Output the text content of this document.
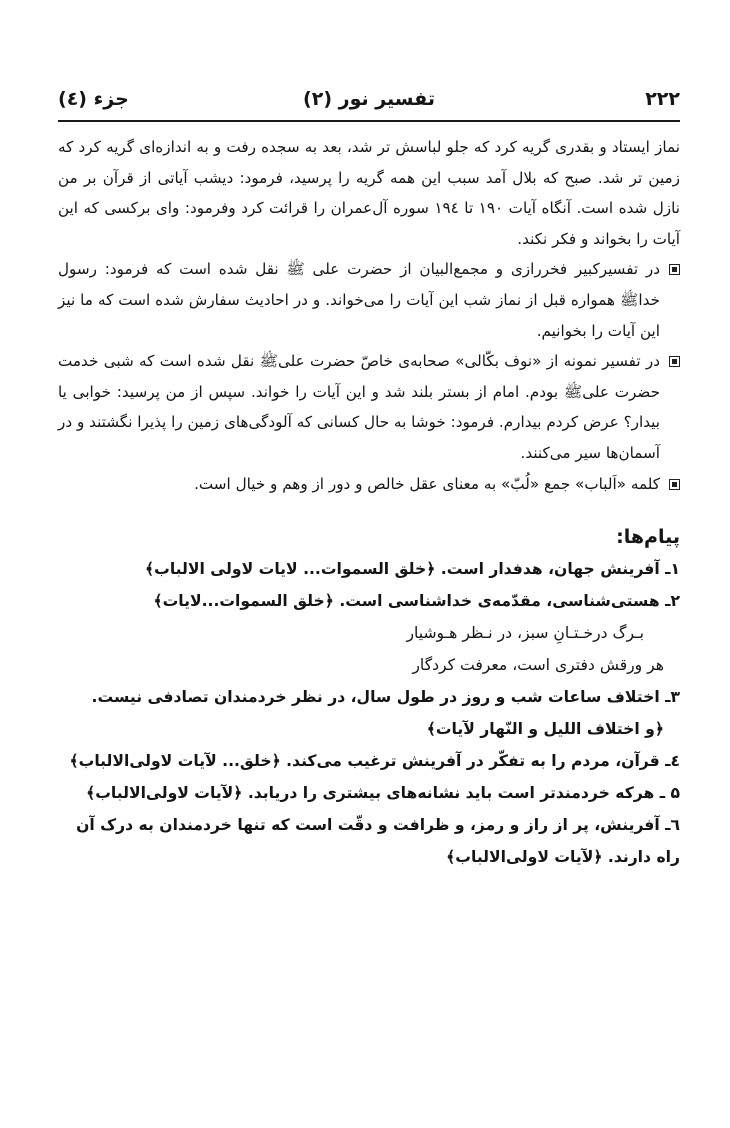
۲۲۲
تفسیر نور (۲)
جزء (٤)

نماز ایستاد و بقدری گریه کرد که جلو لباسش تر شد، بعد به سجده رفت و به اندازه‌ای گریه کرد که زمین تر شد. صبح که بلال آمد سبب این همه گریه را پرسید، فرمود: دیشب آیاتی از قرآن بر من نازل شده است. آنگاه آیات ۱۹۰ تا ۱۹٤ سوره آل‌عمران را قرائت کرد وفرمود: وای برکسی که این آیات را بخواند و فکر نکند.

در تفسیرکبیر فخررازی و مجمع‌البیان از حضرت علی ﷺ نقل شده است که فرمود: رسول خداﷺ همواره قبل از نماز شب این آیات را می‌خواند. و در احادیث سفارش شده است که ما نیز این آیات را بخوانیم.

در تفسیر نمونه از «نوف بکّالی» صحابه‌ی خاصّ حضرت علیﷺ نقل شده است که شبی خدمت حضرت علیﷺ بودم. امام از بستر بلند شد و این آیات را خواند. سپس از من پرسید: خوابی یا بیدار؟ عرض کردم بیدارم. فرمود: خوشا به حال کسانی که آلودگی‌های زمین را پذیرا نگشتند و در آسمان‌ها سیر می‌کنند.

کلمه «اَلباب» جمع «لُبّ» به معنای عقل خالص و دور از وهم و خیال است.

پیام‌ها:

۱ـ آفرینش جهان، هدفدار است. ﴿خلق السموات... لایات لاولی الالباب﴾

۲ـ هستی‌شناسی، مقدّمه‌ی خداشناسی است. ﴿خلق السموات...لایات﴾

بـرگ درخـتـانِ سبز، در نـظر هـوشیار

هر ورقش دفتری است، معرفت کردگار

۳ـ اختلاف ساعات شب و روز در طول سال، در نظر خردمندان تصادفی نیست.

﴿و اختلاف اللیل و النّهار لآیات﴾

٤ـ قرآن، مردم را به تفکّر در آفرینش ترغیب می‌کند. ﴿خلق... لآیات لاولی‌الالباب﴾

۵ ـ هرکه خردمندتر است باید نشانه‌های بیشتری را دریابد. ﴿لآیات لاولی‌الالباب﴾

٦ـ آفرینش، پر از راز و رمز، و ظرافت و دقّت است که تنها خردمندان به درک آن راه دارند. ﴿لآیات لاولی‌الالباب﴾
